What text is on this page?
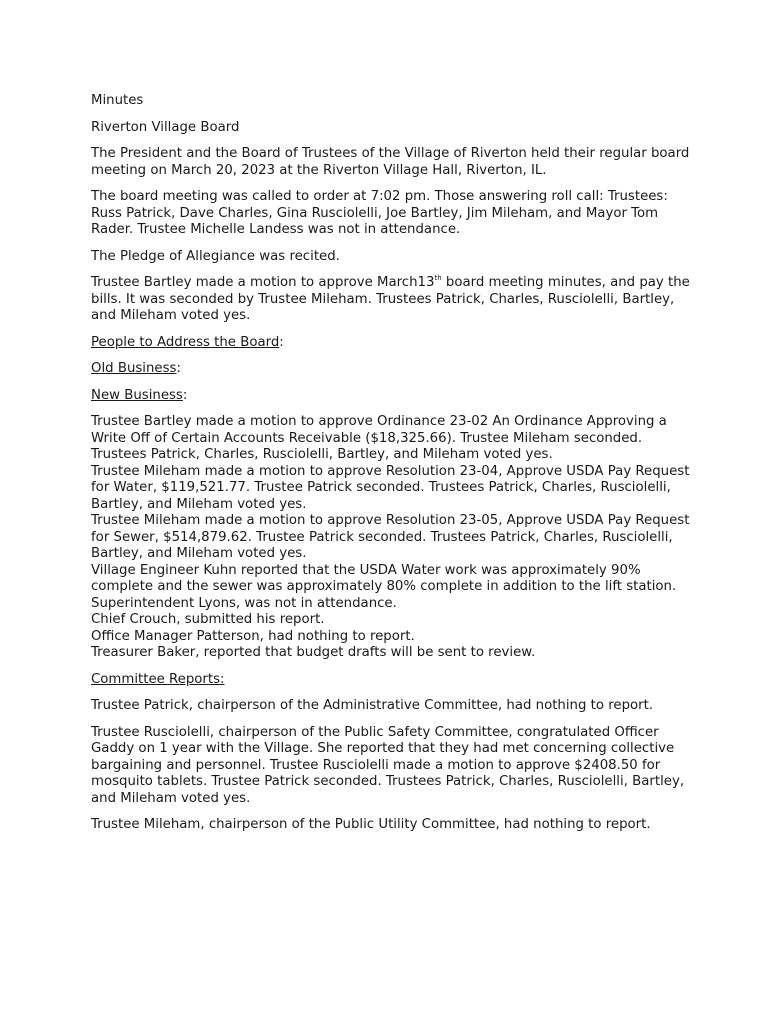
Minutes

Riverton Village Board

The President and the Board of Trustees of the Village of Riverton held their regular board meeting on March 20, 2023 at the Riverton Village Hall, Riverton, IL.

The board meeting was called to order at 7:02 pm. Those answering roll call: Trustees: Russ Patrick, Dave Charles, Gina Rusciolelli, Joe Bartley, Jim Mileham, and Mayor Tom Rader. Trustee Michelle Landess was not in attendance.

The Pledge of Allegiance was recited.

Trustee Bartley made a motion to approve March13th board meeting minutes, and pay the bills. It was seconded by Trustee Mileham. Trustees Patrick, Charles, Rusciolelli, Bartley, and Mileham voted yes.

People to Address the Board:

Old Business:

New Business:

Trustee Bartley made a motion to approve Ordinance 23-02 An Ordinance Approving a Write Off of Certain Accounts Receivable ($18,325.66). Trustee Mileham seconded. Trustees Patrick, Charles, Rusciolelli, Bartley, and Mileham voted yes.

Trustee Mileham made a motion to approve Resolution 23-04, Approve USDA Pay Request for Water, $119,521.77. Trustee Patrick seconded. Trustees Patrick, Charles, Rusciolelli, Bartley, and Mileham voted yes.

Trustee Mileham made a motion to approve Resolution 23-05, Approve USDA Pay Request for Sewer, $514,879.62. Trustee Patrick seconded. Trustees Patrick, Charles, Rusciolelli, Bartley, and Mileham voted yes.

Village Engineer Kuhn reported that the USDA Water work was approximately 90% complete and the sewer was approximately 80% complete in addition to the lift station.

Superintendent Lyons, was not in attendance.

Chief Crouch, submitted his report.

Office Manager Patterson, had nothing to report.

Treasurer Baker, reported that budget drafts will be sent to review.

Committee Reports:

Trustee Patrick, chairperson of the Administrative Committee, had nothing to report.

Trustee Rusciolelli, chairperson of the Public Safety Committee, congratulated Officer Gaddy on 1 year with the Village. She reported that they had met concerning collective bargaining and personnel. Trustee Rusciolelli made a motion to approve $2408.50 for mosquito tablets. Trustee Patrick seconded. Trustees Patrick, Charles, Rusciolelli, Bartley, and Mileham voted yes.

Trustee Mileham, chairperson of the Public Utility Committee, had nothing to report.
